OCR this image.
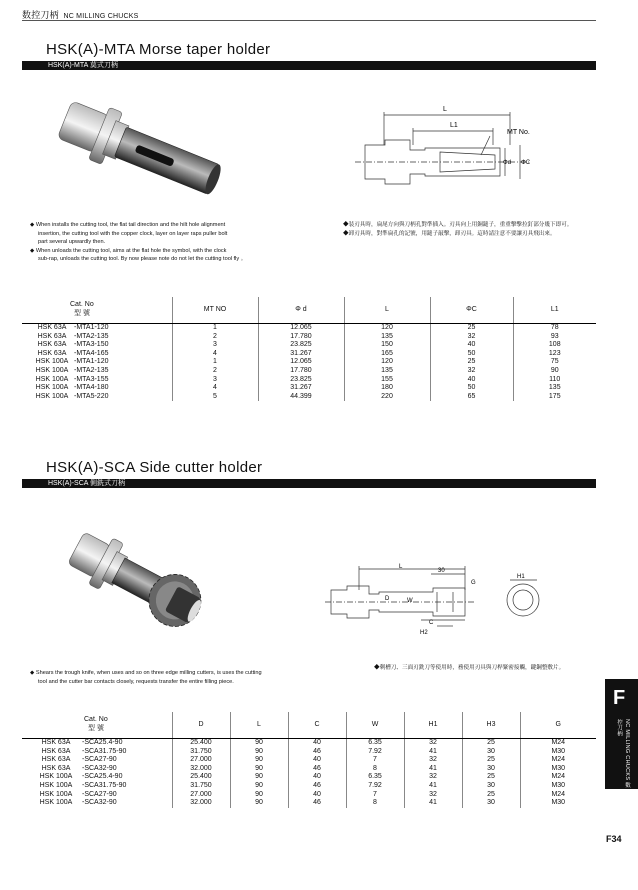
数控刀柄 NC MILLING CHUCKS
HSK(A)-MTA Morse taper holder
HSK(A)-MTA 莫式刀柄
L
L1
MT No.
Φd ΦC

◆ When installs the cutting tool, the flat tail direction and the hilt hole alignment

insertion, the cutting tool with the copper clock, layer on layer raps puller bolt

part several upwardly then.

◆ When unloads the cutting tool, aims at the flat hole the symbol, with the clock

sub-rap, unloads the cutting tool. By now please note do not let the cutting tool fly 。

◆装刃具時，扁尾方向與刀柄孔對準插入。刃具向上用銅鎚子，重重擊擊拉釘部分幾下即可。

◆卸刃具時，對準扁孔的記號，用鎚子敲擊，卸刃具。這時請注意不要讓刃具飛出來。

Cat. No
型 號		MT NO	Φ d	L	ΦC	L1
HSK 63A	-MTA1-120	1	12.065	120	25	78
HSK 63A	-MTA2-135	2	17.780	135	32	93
HSK 63A	-MTA3-150	3	23.825	150	40	108
HSK 63A	-MTA4-165	4	31.267	165	50	123
HSK 100A	-MTA1-120	1	12.065	120	25	75
HSK 100A	-MTA2-135	2	17.780	135	32	90
HSK 100A	-MTA3-155	3	23.825	155	40	110
HSK 100A	-MTA4-180	4	31.267	180	50	135
HSK 100A	-MTA5-220	5	44.399	220	65	175
HSK(A)-SCA Side cutter holder
HSK(A)-SCA 側銑式刀柄
L
30
G
W
D
H2
C
H1

◆ Shears the trough knife, when uses and so on three edge milling cutters, is uses the cutting

tool and the cutter bar contacts closely, requests transfer the entire filling piece.

◆剩槽刀、三面刃銑刀等使用時，務使用刃具與刀桿緊密接觸，鍵鋼整敷片。

Cat. No
型 號		D	L	C	W	H1	H3	G
HSK 63A	-SCA25.4-90	25.400	90	40	6.35	32	25	M24
HSK 63A	-SCA31.75-90	31.750	90	46	7.92	41	30	M30
HSK 63A	-SCA27-90	27.000	90	40	7	32	25	M24
HSK 63A	-SCA32-90	32.000	90	46	8	41	30	M30
HSK 100A	-SCA25.4-90	25.400	90	40	6.35	32	25	M24
HSK 100A	-SCA31.75-90	31.750	90	46	7.92	41	30	M30
HSK 100A	-SCA27-90	27.000	90	40	7	32	25	M24
HSK 100A	-SCA32-90	32.000	90	46	8	41	30	M30
F
NC MILLING CHUCKS 數控刀柄
F34
